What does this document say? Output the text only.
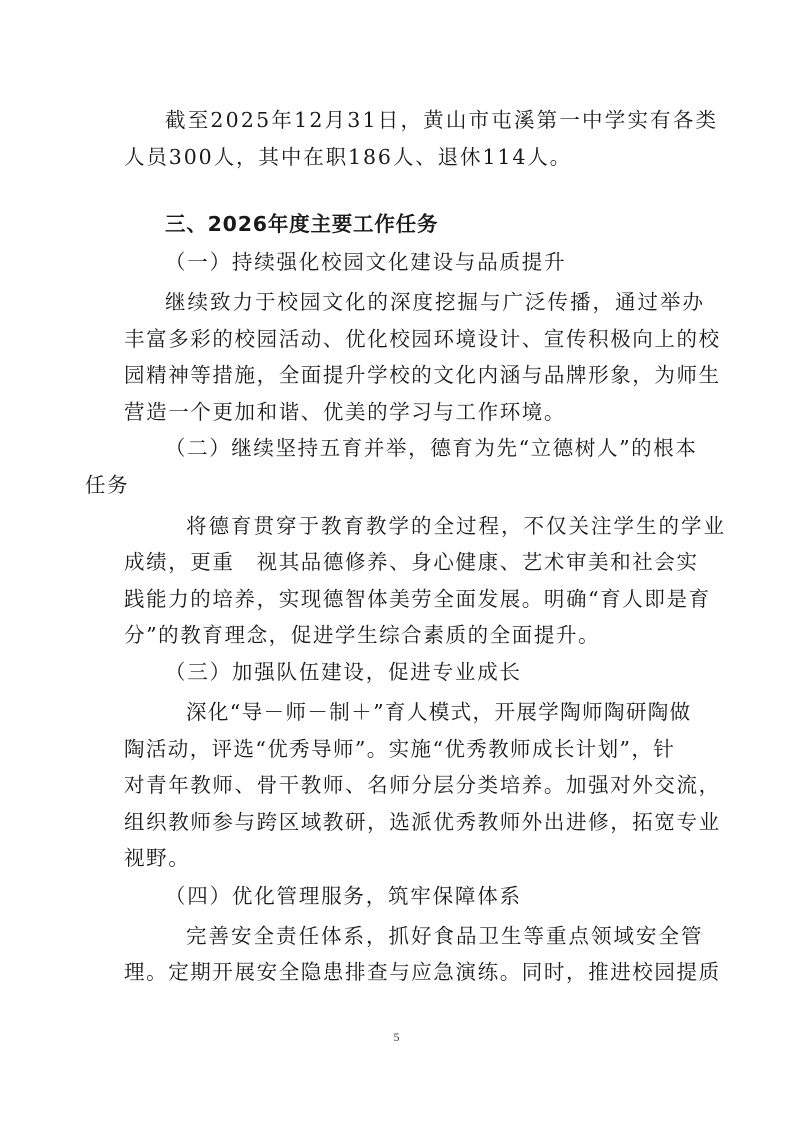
截至2025年12月31日，黄山市屯溪第一中学实有各类
人员300人，其中在职186人、退休114人。
三、2026年度主要工作任务
（一）持续强化校园文化建设与品质提升
继续致力于校园文化的深度挖掘与广泛传播，通过举办
丰富多彩的校园活动、优化校园环境设计、宣传积极向上的校
园精神等措施，全面提升学校的文化内涵与品牌形象，为师生
营造一个更加和谐、优美的学习与工作环境。
（二）继续坚持五育并举，德育为先“立德树人”的根本
任务
将德育贯穿于教育教学的全过程，不仅关注学生的学业
成绩，更重　视其品德修养、身心健康、艺术审美和社会实
践能力的培养，实现德智体美劳全面发展。明确“育人即是育
分”的教育理念，促进学生综合素质的全面提升。
（三）加强队伍建设，促进专业成长
深化“导－师－制＋”育人模式，开展学陶师陶研陶做
陶活动，评选“优秀导师”。实施“优秀教师成长计划”，针
对青年教师、骨干教师、名师分层分类培养。加强对外交流，
组织教师参与跨区域教研，选派优秀教师外出进修，拓宽专业
视野。
（四）优化管理服务，筑牢保障体系
完善安全责任体系，抓好食品卫生等重点领域安全管
理。定期开展安全隐患排查与应急演练。同时，推进校园提质
5
